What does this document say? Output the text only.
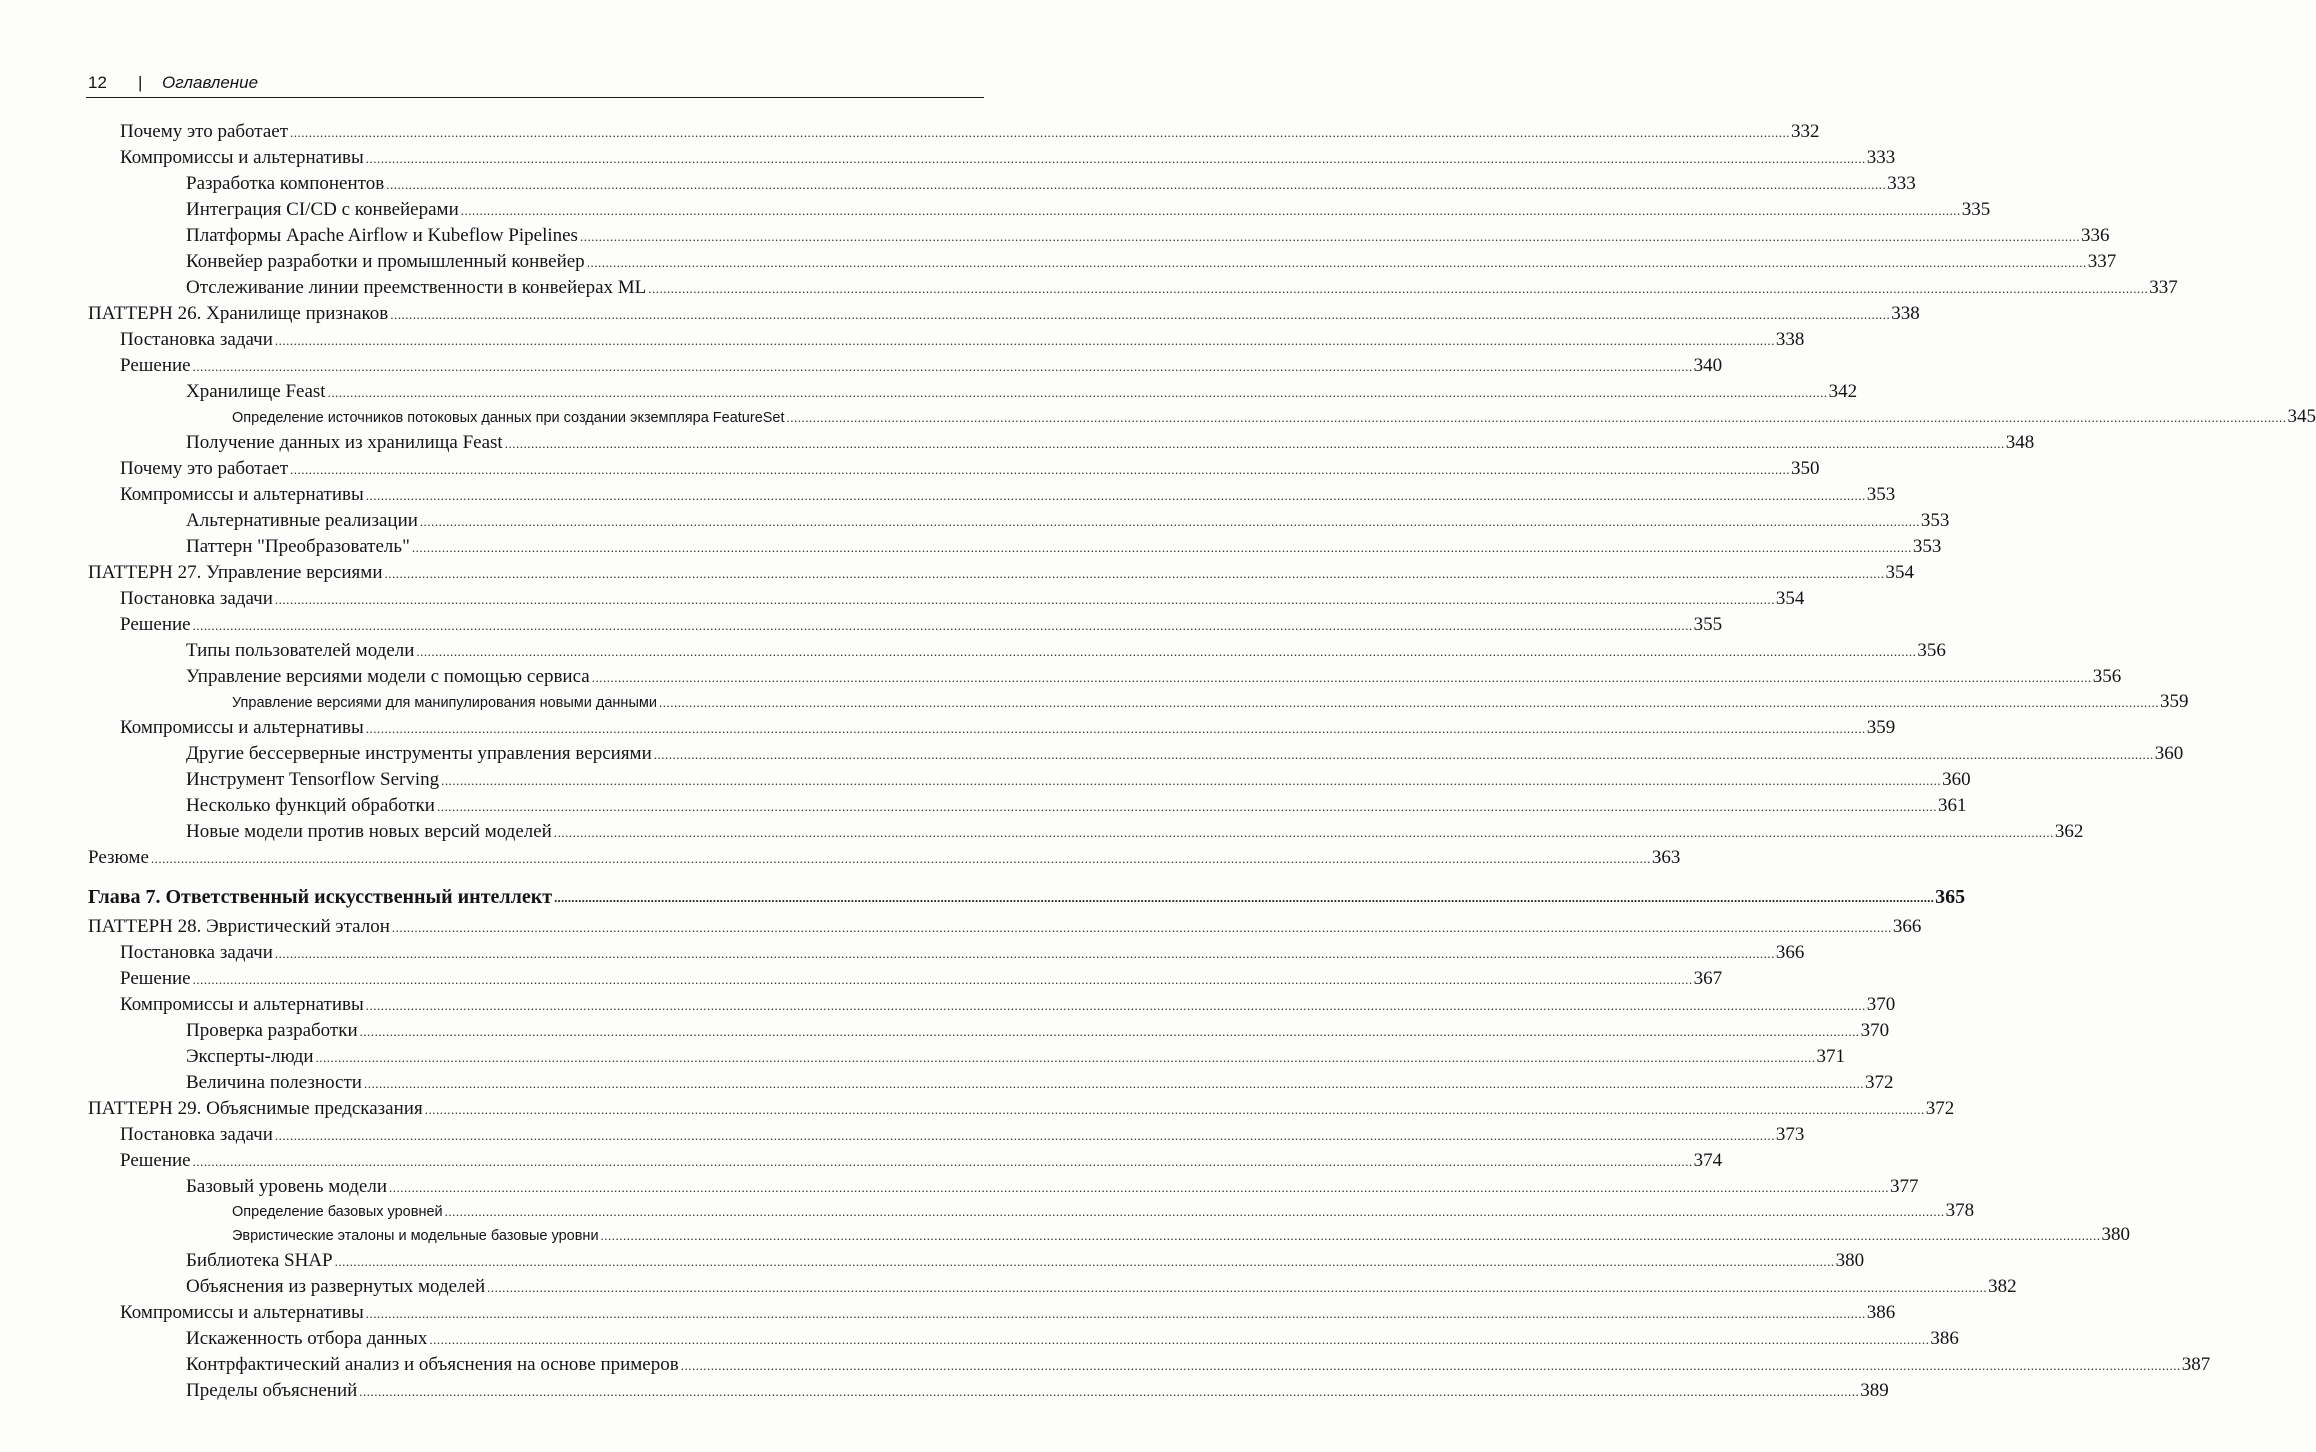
12 | Оглавление
Почему это работает ................................................................................................................................................................................................................................................................................................................................................................................................................ 332
Компромиссы и альтернативы ................................................................................................................................................................................................................................................................................................................................................................................................................ 333
Разработка компонентов ................................................................................................................................................................................................................................................................................................................................................................................................................ 333
Интеграция CI/CD с конвейерами ................................................................................................................................................................................................................................................................................................................................................................................................................ 335
Платформы Apache Airflow и Kubeflow Pipelines ................................................................................................................................................................................................................................................................................................................................................................................................................ 336
Конвейер разработки и промышленный конвейер ................................................................................................................................................................................................................................................................................................................................................................................................................ 337
Отслеживание линии преемственности в конвейерах ML ................................................................................................................................................................................................................................................................................................................................................................................................................ 337
ПАТТЕРН 26. Хранилище признаков ................................................................................................................................................................................................................................................................................................................................................................................................................ 338
Постановка задачи ................................................................................................................................................................................................................................................................................................................................................................................................................ 338
Решение ................................................................................................................................................................................................................................................................................................................................................................................................................ 340
Хранилище Feast ................................................................................................................................................................................................................................................................................................................................................................................................................ 342
Определение источников потоковых данных при создании экземпляра FeatureSet ................................................................................................................................................................................................................................................................................................................................................................................................................ 345
Получение данных из хранилища Feast ................................................................................................................................................................................................................................................................................................................................................................................................................ 348
Почему это работает ................................................................................................................................................................................................................................................................................................................................................................................................................ 350
Компромиссы и альтернативы ................................................................................................................................................................................................................................................................................................................................................................................................................ 353
Альтернативные реализации ................................................................................................................................................................................................................................................................................................................................................................................................................ 353
Паттерн "Преобразователь" ................................................................................................................................................................................................................................................................................................................................................................................................................ 353
ПАТТЕРН 27. Управление версиями ................................................................................................................................................................................................................................................................................................................................................................................................................ 354
Постановка задачи ................................................................................................................................................................................................................................................................................................................................................................................................................ 354
Решение ................................................................................................................................................................................................................................................................................................................................................................................................................ 355
Типы пользователей модели ................................................................................................................................................................................................................................................................................................................................................................................................................ 356
Управление версиями модели с помощью сервиса ................................................................................................................................................................................................................................................................................................................................................................................................................ 356
Управление версиями для манипулирования новыми данными ................................................................................................................................................................................................................................................................................................................................................................................................................ 359
Компромиссы и альтернативы ................................................................................................................................................................................................................................................................................................................................................................................................................ 359
Другие бессерверные инструменты управления версиями ................................................................................................................................................................................................................................................................................................................................................................................................................ 360
Инструмент Tensorflow Serving ................................................................................................................................................................................................................................................................................................................................................................................................................ 360
Несколько функций обработки ................................................................................................................................................................................................................................................................................................................................................................................................................ 361
Новые модели против новых версий моделей ................................................................................................................................................................................................................................................................................................................................................................................................................ 362
Резюме ................................................................................................................................................................................................................................................................................................................................................................................................................ 363
Глава 7. Ответственный искусственный интеллект ................................................................................................................................................................................................................................................................................................................................................................................................................ 365
ПАТТЕРН 28. Эвристический эталон ................................................................................................................................................................................................................................................................................................................................................................................................................ 366
Постановка задачи ................................................................................................................................................................................................................................................................................................................................................................................................................ 366
Решение ................................................................................................................................................................................................................................................................................................................................................................................................................ 367
Компромиссы и альтернативы ................................................................................................................................................................................................................................................................................................................................................................................................................ 370
Проверка разработки ................................................................................................................................................................................................................................................................................................................................................................................................................ 370
Эксперты-люди ................................................................................................................................................................................................................................................................................................................................................................................................................ 371
Величина полезности ................................................................................................................................................................................................................................................................................................................................................................................................................ 372
ПАТТЕРН 29. Объяснимые предсказания ................................................................................................................................................................................................................................................................................................................................................................................................................ 372
Постановка задачи ................................................................................................................................................................................................................................................................................................................................................................................................................ 373
Решение ................................................................................................................................................................................................................................................................................................................................................................................................................ 374
Базовый уровень модели ................................................................................................................................................................................................................................................................................................................................................................................................................ 377
Определение базовых уровней ................................................................................................................................................................................................................................................................................................................................................................................................................ 378
Эвристические эталоны и модельные базовые уровни ................................................................................................................................................................................................................................................................................................................................................................................................................ 380
Библиотека SHAP ................................................................................................................................................................................................................................................................................................................................................................................................................ 380
Объяснения из развернутых моделей ................................................................................................................................................................................................................................................................................................................................................................................................................ 382
Компромиссы и альтернативы ................................................................................................................................................................................................................................................................................................................................................................................................................ 386
Искаженность отбора данных ................................................................................................................................................................................................................................................................................................................................................................................................................ 386
Контрфактический анализ и объяснения на основе примеров ................................................................................................................................................................................................................................................................................................................................................................................................................ 387
Пределы объяснений ................................................................................................................................................................................................................................................................................................................................................................................................................ 389
